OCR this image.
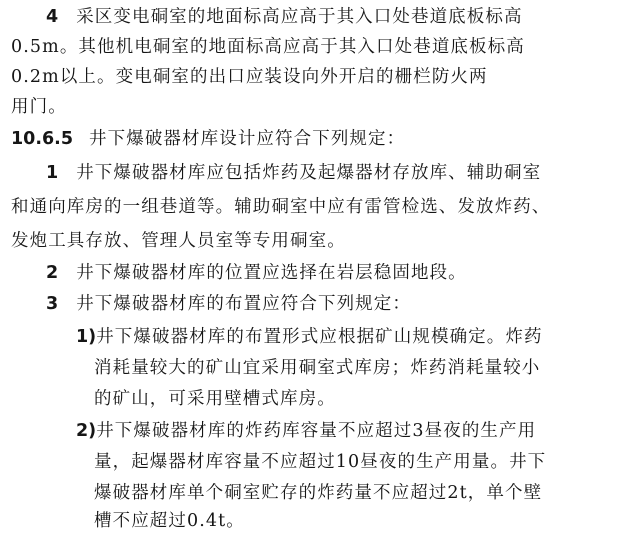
4 采区变电硐室的地面标高应高于其入口处巷道底板标高
0.5m。其他机电硐室的地面标高应高于其入口处巷道底板标高
0.2m以上。变电硐室的出口应装设向外开启的栅栏防火两
用门。
10.6.5 井下爆破器材库设计应符合下列规定：
1 井下爆破器材库应包括炸药及起爆器材存放库、辅助硐室
和通向库房的一组巷道等。辅助硐室中应有雷管检选、发放炸药、
发炮工具存放、管理人员室等专用硐室。
2 井下爆破器材库的位置应选择在岩层稳固地段。
3 井下爆破器材库的布置应符合下列规定：
1)井下爆破器材库的布置形式应根据矿山规模确定。炸药
消耗量较大的矿山宜采用硐室式库房；炸药消耗量较小
的矿山，可采用壁槽式库房。
2)井下爆破器材库的炸药库容量不应超过3昼夜的生产用
量，起爆器材库容量不应超过10昼夜的生产用量。井下
爆破器材库单个硐室贮存的炸药量不应超过2t，单个壁
槽不应超过0.4t。
